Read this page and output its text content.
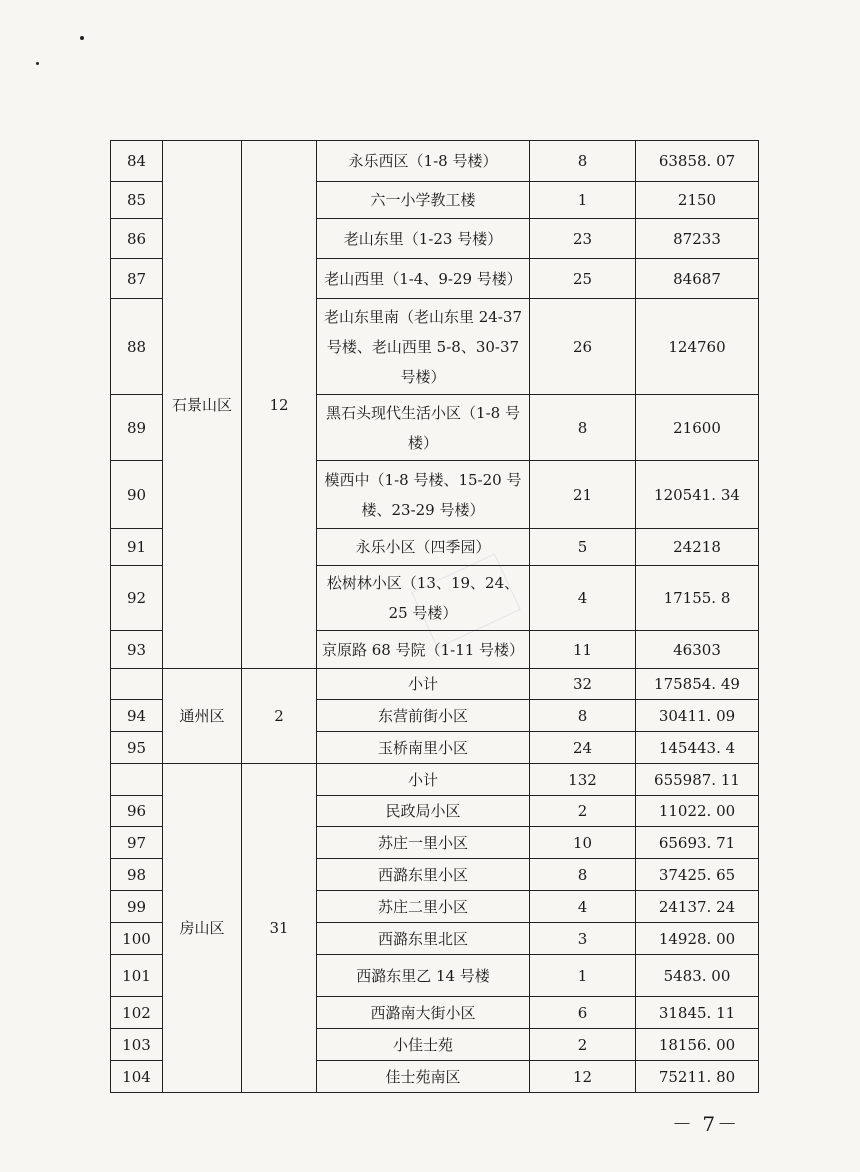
84	石景山区	12	永乐西区（1-8 号楼）	8	63858. 07
85			六一小学教工楼	1	2150
86			老山东里（1-23 号楼）	23	87233
87			老山西里（1-4、9-29 号楼）	25	84687
88			老山东里南（老山东里 24-37 号楼、老山西里 5-8、30-37 号楼）	26	124760
89			黑石头现代生活小区（1-8 号楼）	8	21600
90			模西中（1-8 号楼、15-20 号楼、23-29 号楼）	21	120541. 34
91			永乐小区（四季园）	5	24218
92			松树林小区（13、19、24、25 号楼）	4	17155. 8
93			京原路 68 号院（1-11 号楼）	11	46303
	通州区	2	小计	32	175854. 49
94			东营前街小区	8	30411. 09
95			玉桥南里小区	24	145443. 4
	房山区	31	小计	132	655987. 11
96			民政局小区	2	11022. 00
97			苏庄一里小区	10	65693. 71
98			西潞东里小区	8	37425. 65
99			苏庄二里小区	4	24137. 24
100			西潞东里北区	3	14928. 00
101			西潞东里乙 14 号楼	1	5483. 00
102			西潞南大街小区	6	31845. 11
103			小佳士苑	2	18156. 00
104			佳士苑南区	12	75211. 80
－ 7－
